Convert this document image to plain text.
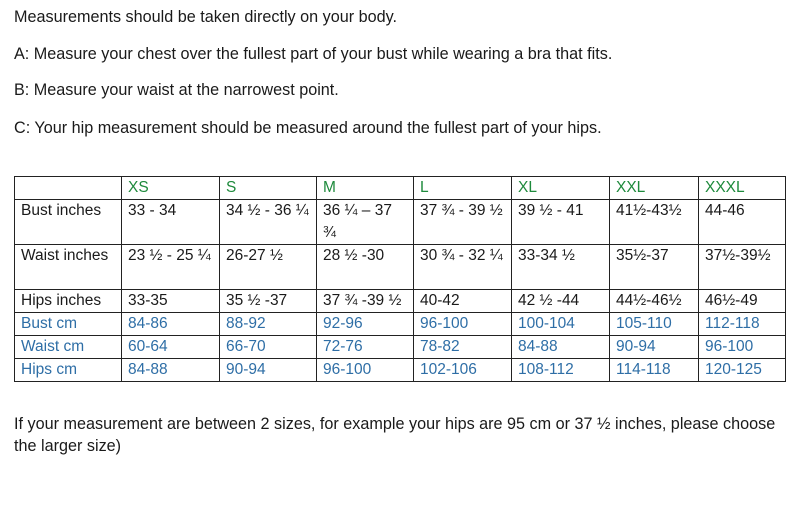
Measurements should be taken directly on your body.

A: Measure your chest over the fullest part of your bust while wearing a bra that fits.

B: Measure your waist at the narrowest point.

C: Your hip measurement should be measured around the fullest part of your hips.

	XS	S	M	L	XL	XXL	XXXL
Bust inches	33 - 34	34 ½ - 36 ¼	36 ¼ – 37 ¾	37 ¾ - 39 ½	39 ½ - 41	41½-43½	44-46
Waist inches	23 ½ - 25 ¼	26-27 ½	28 ½ -30	30 ¾ - 32 ¼	33-34 ½	35½-37	37½-39½
Hips inches	33-35	35 ½ -37	37 ¾ -39 ½	40-42	42 ½ -44	44½-46½	46½-49
Bust cm	84-86	88-92	92-96	96-100	100-104	105-110	112-118
Waist cm	60-64	66-70	72-76	78-82	84-88	90-94	96-100
Hips cm	84-88	90-94	96-100	102-106	108-112	114-118	120-125

If your measurement are between 2 sizes, for example your hips are 95 cm or 37 ½ inches, please choose the larger size)
